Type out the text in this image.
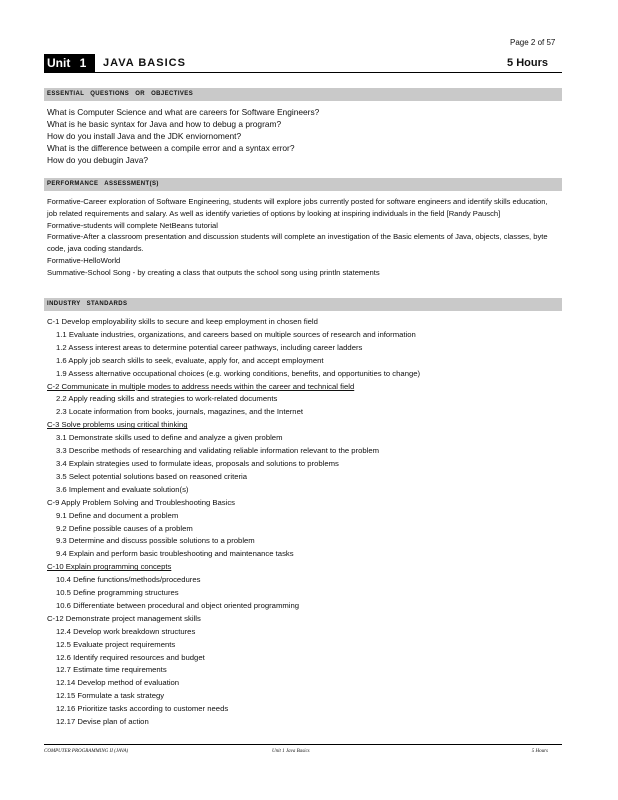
Page 2 of 57
Unit 1	JAVA BASICS	5 Hours
ESSENTIAL QUESTIONS OR OBJECTIVES
What is Computer Science and what are careers for Software Engineers?
What is he basic syntax for Java and how to debug a program?
How do you install Java and the JDK enviornoment?
What is the difference between a compile error and a syntax error?
How do you debugin Java?
PERFORMANCE ASSESSMENT(S)
Formative-Career exploration of Software Engineering, students will explore jobs currently posted for software engineers and identify skills education, job related requirements and salary. As well as identify varieties of options by looking at inspiring individuals in the field [Randy Pausch]
Formative-students will complete NetBeans tutorial
Formative-After a classroom presentation and discussion students will complete an investigation of the Basic elements of Java, objects, classes, byte code, java coding standards.
Formative-HelloWorld
Summative-School Song - by creating a class that outputs the school song using println statements
INDUSTRY STANDARDS
C-1 Develop employability skills to secure and keep employment in chosen field
1.1 Evaluate industries, organizations, and careers based on multiple sources of research and information
1.2 Assess interest areas to determine potential career pathways, including career ladders
1.6 Apply job search skills to seek, evaluate, apply for, and accept employment
1.9 Assess alternative occupational choices (e.g. working conditions, benefits, and opportunities to change)
C-2 Communicate in multiple modes to address needs within the career and technical field
2.2 Apply reading skills and strategies to work-related documents
2.3 Locate information from books, journals, magazines, and the Internet
C-3 Solve problems using critical thinking
3.1 Demonstrate skills used to define and analyze a given problem
3.3 Describe methods of researching and validating reliable information relevant to the problem
3.4 Explain strategies used to formulate ideas, proposals and solutions to problems
3.5 Select potential solutions based on reasoned criteria
3.6 Implement and evaluate solution(s)
C-9 Apply Problem Solving and Troubleshooting Basics
9.1 Define and document a problem
9.2 Define possible causes of a problem
9.3 Determine and discuss possible solutions to a problem
9.4 Explain and perform basic troubleshooting and maintenance tasks
C-10 Explain programming concepts
10.4 Define functions/methods/procedures
10.5 Define programming structures
10.6 Differentiate between procedural and object oriented programming
C-12 Demonstrate project management skills
12.4 Develop work breakdown structures
12.5 Evaluate project requirements
12.6 Identify required resources and budget
12.7 Estimate time requirements
12.14 Develop method of evaluation
12.15 Formulate a task strategy
12.16 Prioritize tasks according to customer needs
12.17 Devise plan of action
COMPUTER PROGRAMMING II (JAVA)	Unit 1 Java Basics	5 Hours
